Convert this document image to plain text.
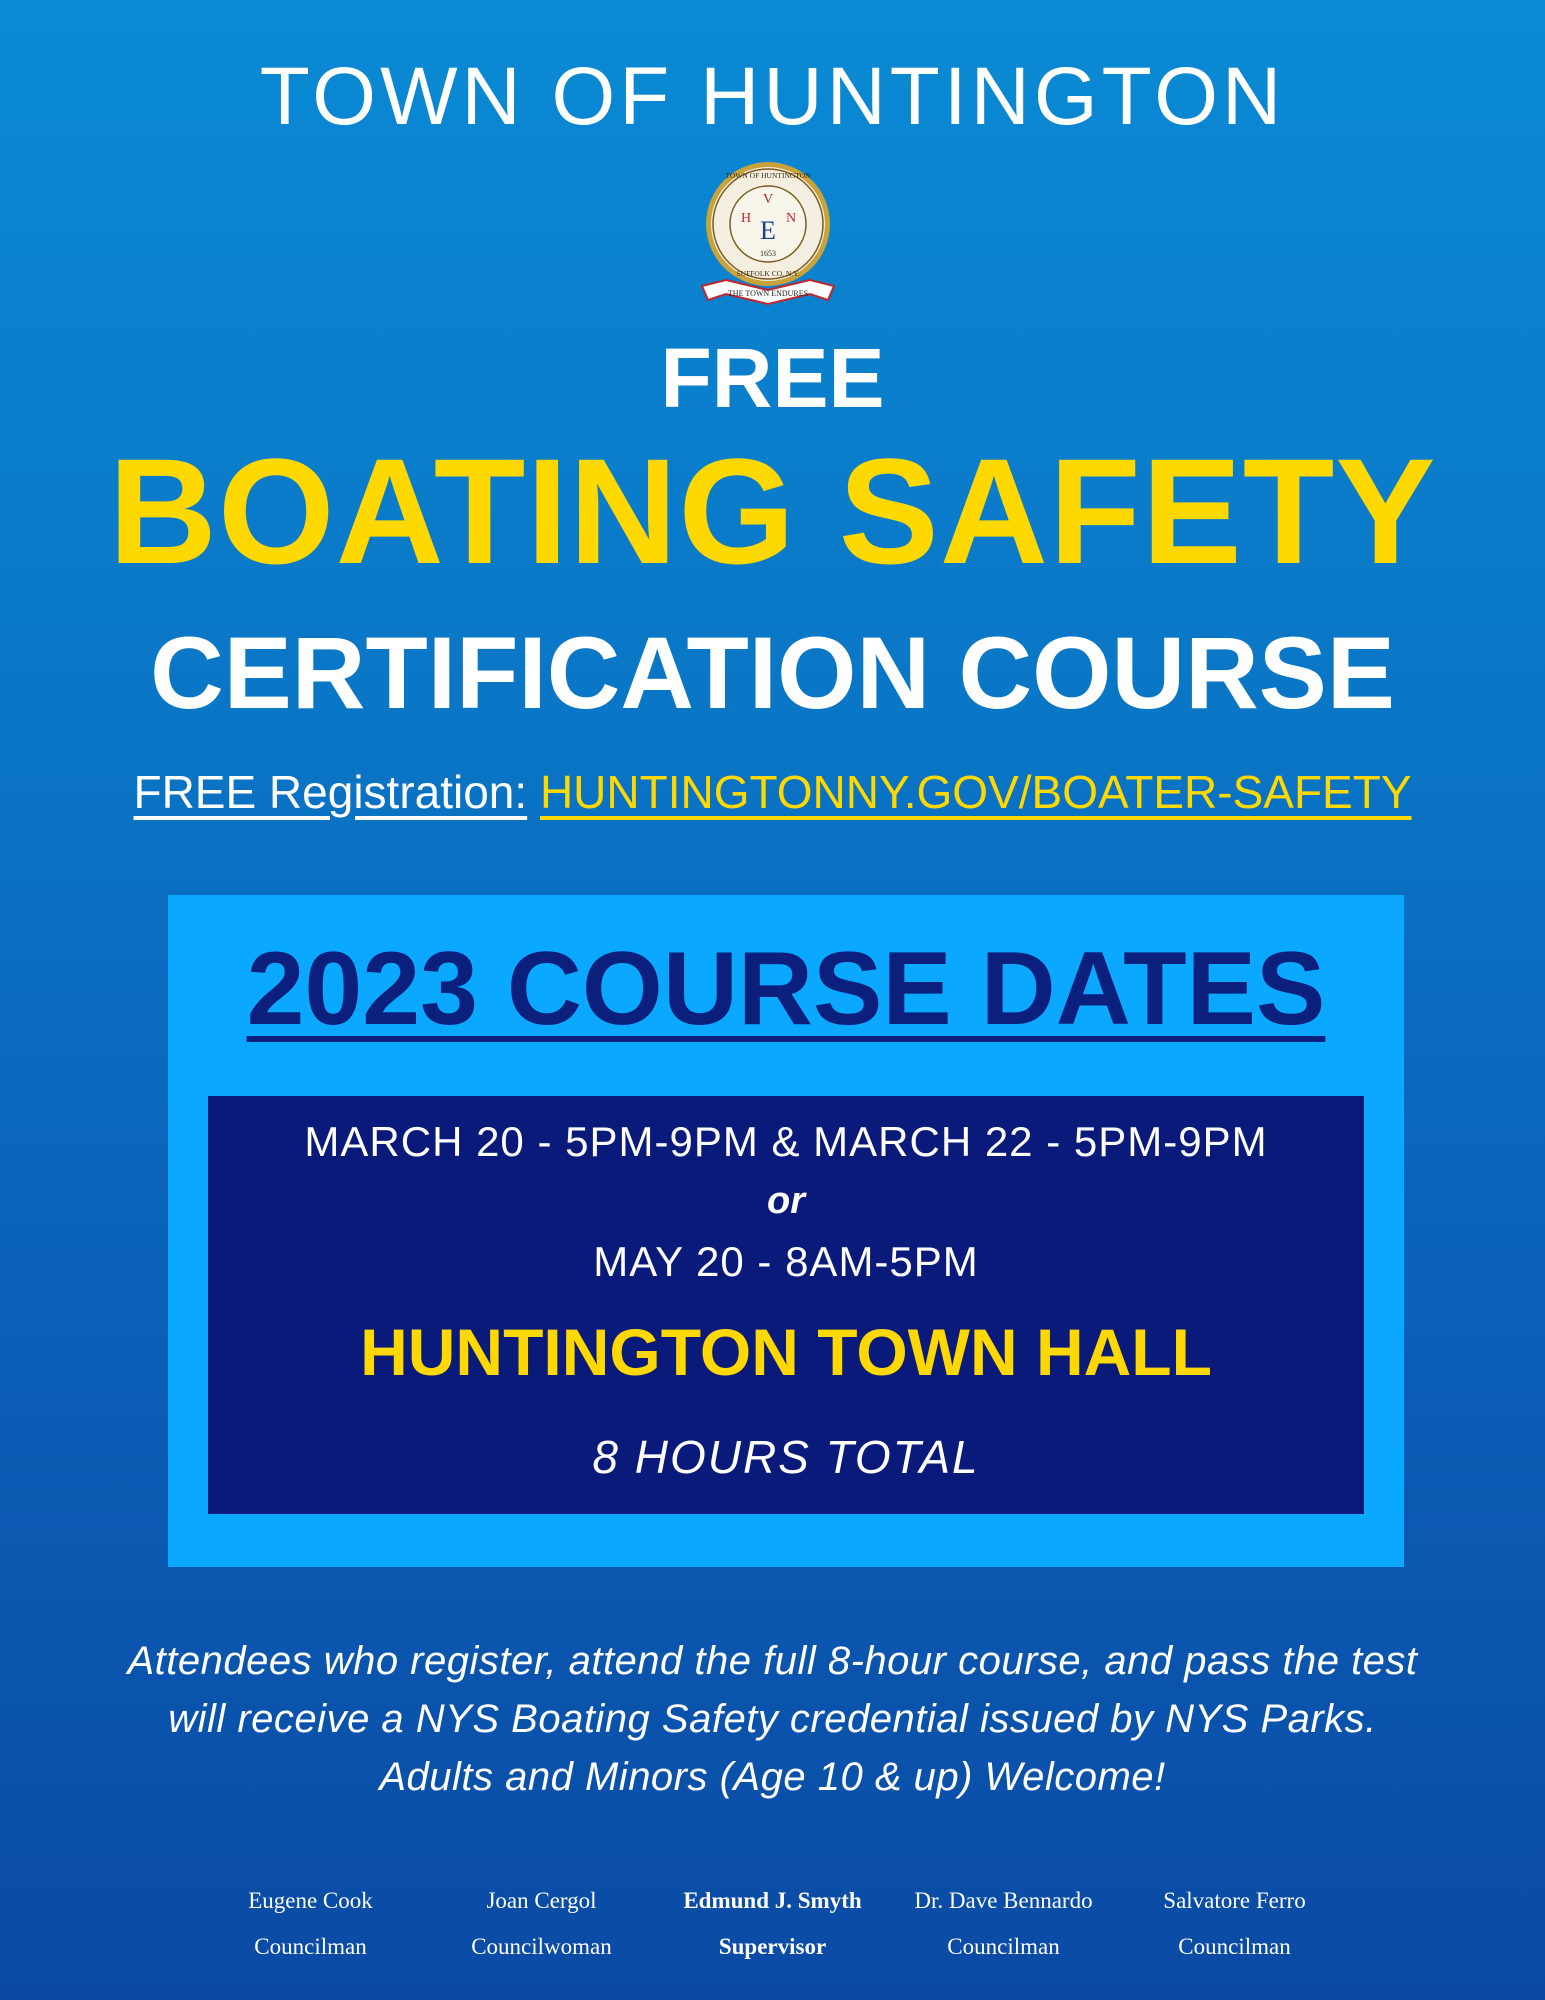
TOWN OF HUNTINGTON
TOWN OF HUNTINGTON
SUFFOLK CO. N.Y.
V
H N
E
1653
THE TOWN ENDURES
FREE
BOATING SAFETY
CERTIFICATION COURSE
FREE Registration: HUNTINGTONNY.GOV/BOATER-SAFETY
2023 COURSE DATES
MARCH 20 - 5PM-9PM & MARCH 22 - 5PM-9PM
or
MAY 20 - 8AM-5PM
HUNTINGTON TOWN HALL
8 HOURS TOTAL
Attendees who register, attend the full 8-hour course, and pass the test
will receive a NYS Boating Safety credential issued by NYS Parks.
Adults and Minors (Age 10 & up) Welcome!
Eugene Cook
Councilman
Joan Cergol
Councilwoman
Edmund J. Smyth
Supervisor
Dr. Dave Bennardo
Councilman
Salvatore Ferro
Councilman
